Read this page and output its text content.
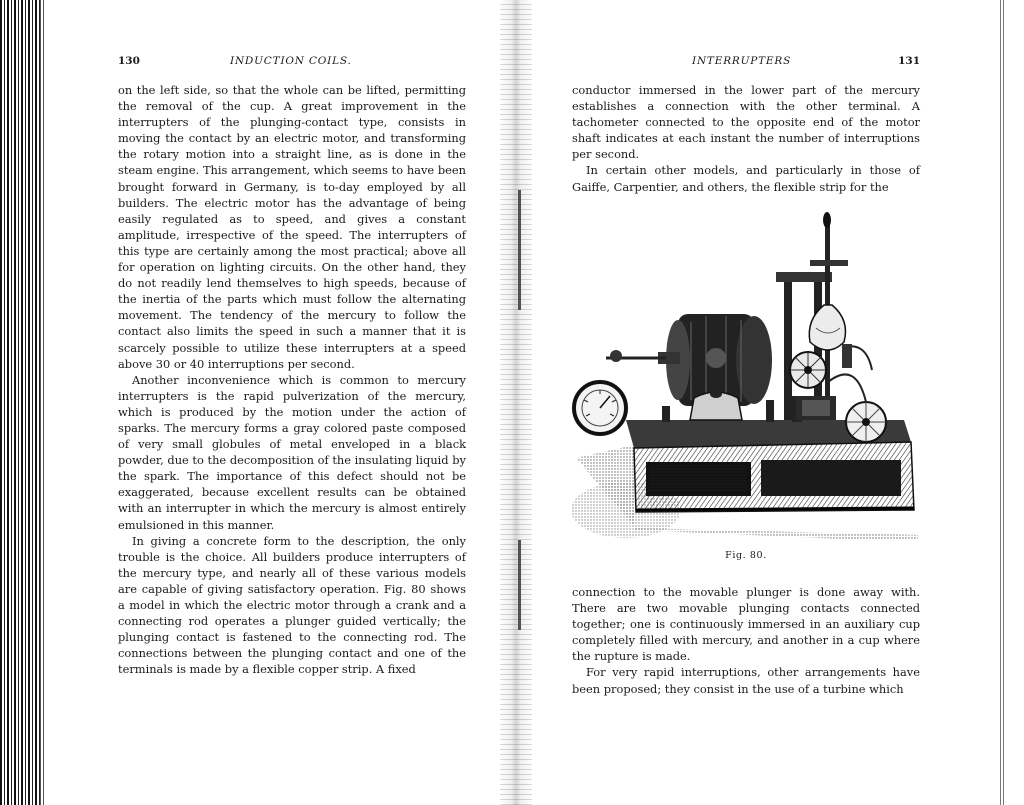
130	INDUCTION COILS.

on the left side, so that the whole can be lifted, permitting the removal of the cup. A great improvement in the interrupters of the plunging-contact type, consists in moving the contact by an electric motor, and transforming the rotary motion into a straight line, as is done in the steam engine. This arrangement, which seems to have been brought forward in Germany, is to-day employed by all builders. The electric motor has the advantage of being easily regulated as to speed, and gives a constant amplitude, irrespective of the speed. The interrupters of this type are certainly among the most practical; above all for operation on lighting circuits. On the other hand, they do not readily lend themselves to high speeds, because of the inertia of the parts which must follow the alternating movement. The tendency of the mercury to follow the contact also limits the speed in such a manner that it is scarcely possible to utilize these interrupters at a speed above 30 or 40 interruptions per second.

Another inconvenience which is common to mercury interrupters is the rapid pulverization of the mercury, which is produced by the motion under the action of sparks. The mercury forms a gray colored paste composed of very small globules of metal enveloped in a black powder, due to the decomposition of the insulating liquid by the spark. The importance of this defect should not be exaggerated, because excellent results can be obtained with an interrupter in which the mercury is almost entirely emulsioned in this manner.

In giving a concrete form to the description, the only trouble is the choice. All builders produce interrupters of the mercury type, and nearly all of these various models are capable of giving satisfactory operation. Fig. 80 shows a model in which the electric motor through a crank and a connecting rod operates a plunger guided vertically; the plunging contact is fastened to the connecting rod. The connections between the plunging contact and one of the terminals is made by a flexible copper strip. A fixed

INTERRUPTERS	131

conductor immersed in the lower part of the mercury establishes a connection with the other terminal. A tachometer connected to the opposite end of the motor shaft indicates at each instant the number of interruptions per second.

In certain other models, and particularly in those of Gaiffe, Carpentier, and others, the flexible strip for the

Fig. 80.

connection to the movable plunger is done away with. There are two movable plunging contacts connected together; one is continuously immersed in an auxiliary cup completely filled with mercury, and another in a cup where the rupture is made.

For very rapid interruptions, other arrangements have been proposed; they consist in the use of a turbine which
